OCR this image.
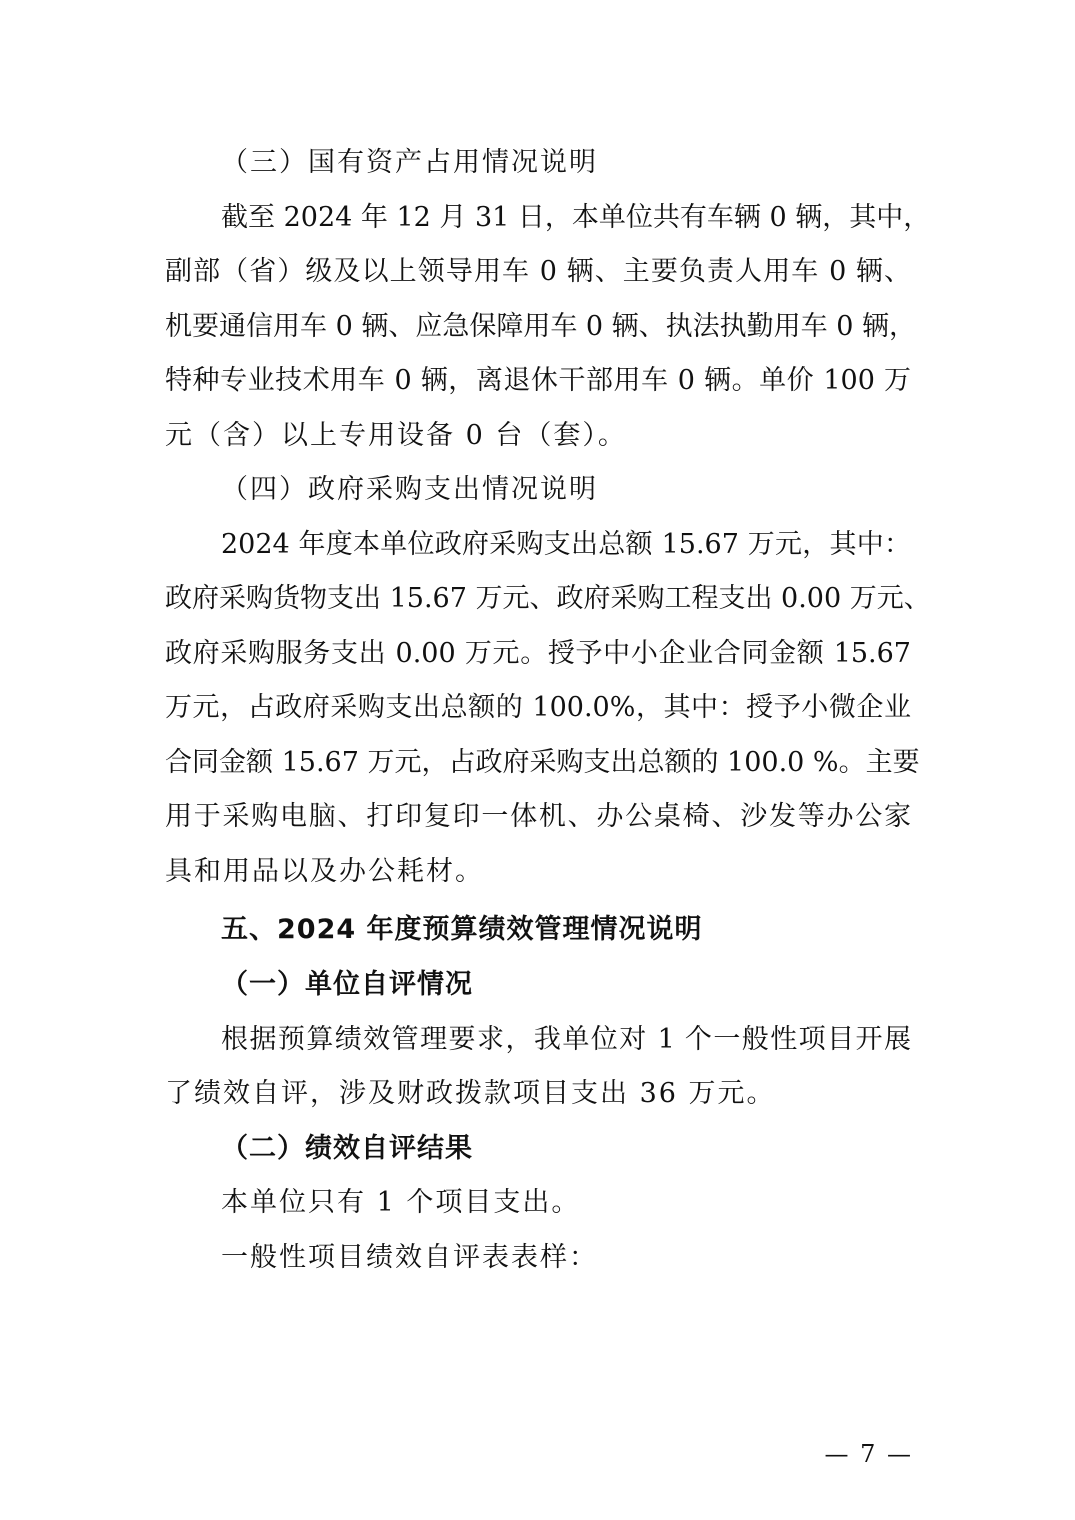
（三）国有资产占用情况说明
截至 2024 年 12 月 31 日，本单位共有车辆 0 辆，其中，
副部（省）级及以上领导用车 0 辆、主要负责人用车 0 辆、
机要通信用车 0 辆、应急保障用车 0 辆、执法执勤用车 0 辆，
特种专业技术用车 0 辆，离退休干部用车 0 辆。单价 100 万
元（含）以上专用设备 0 台（套）。
（四）政府采购支出情况说明
2024 年度本单位政府采购支出总额 15.67 万元，其中：
政府采购货物支出 15.67 万元、政府采购工程支出 0.00 万元、
政府采购服务支出 0.00 万元。授予中小企业合同金额 15.67
万元，占政府采购支出总额的 100.0%，其中：授予小微企业
合同金额 15.67 万元，占政府采购支出总额的 100.0 %。主要
用于采购电脑、打印复印一体机、办公桌椅、沙发等办公家
具和用品以及办公耗材。
五、2024 年度预算绩效管理情况说明
（一）单位自评情况
根据预算绩效管理要求，我单位对 1 个一般性项目开展
了绩效自评，涉及财政拨款项目支出 36 万元。
（二）绩效自评结果
本单位只有 1 个项目支出。
一般性项目绩效自评表表样：
— 7 —
